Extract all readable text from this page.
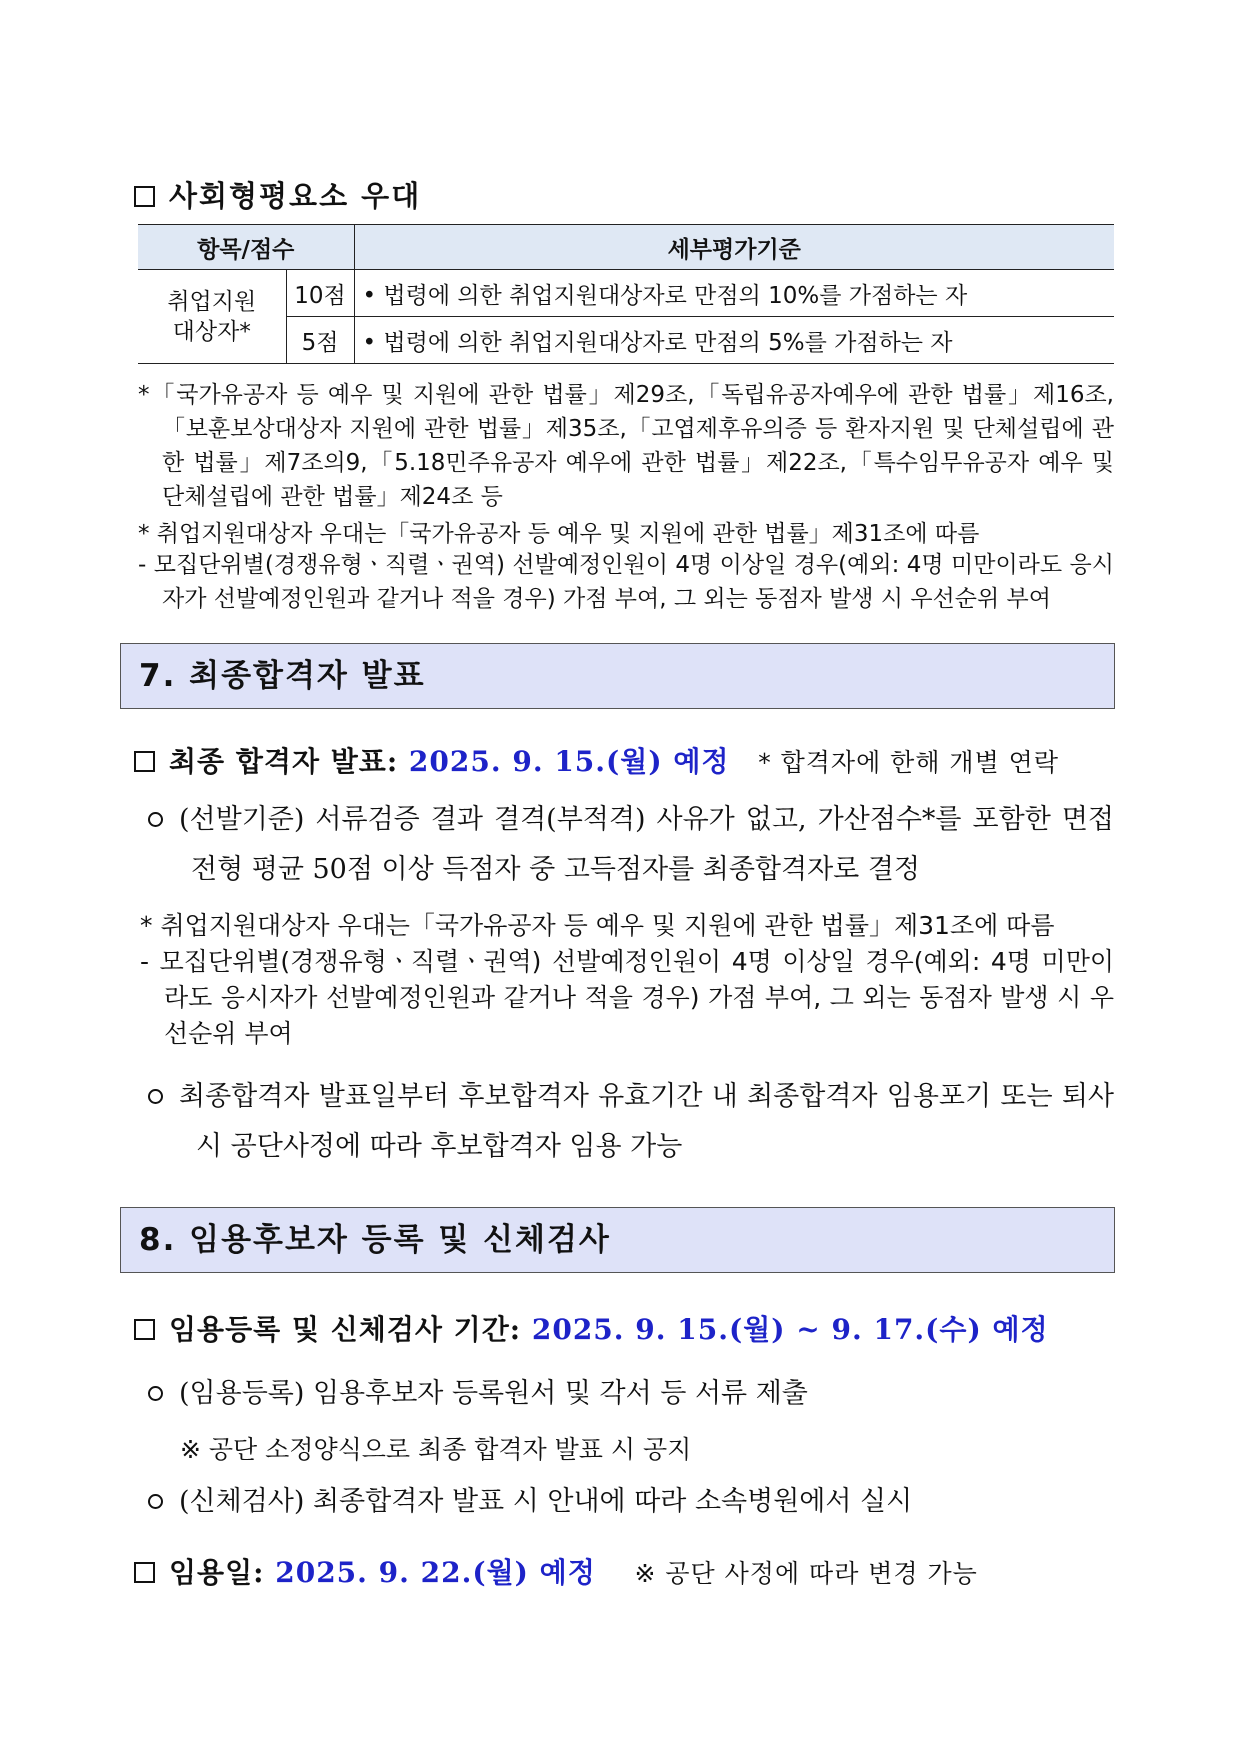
사회형평요소 우대
항목/점수		세부평가기준

취업지원
대상자*	10점	• 법령에 의한 취업지원대상자로 만점의 10%를 가점하는 자
	5점	• 법령에 의한 취업지원대상자로 만점의 5%를 가점하는 자
*「국가유공자 등 예우 및 지원에 관한 법률」제29조,「독립유공자예우에 관한 법률」제16조, 「보훈보상대상자 지원에 관한 법률」제35조,「고엽제후유의증 등 환자지원 및 단체설립에 관한 법률」제7조의9,「5.18민주유공자 예우에 관한 법률」제22조,「특수임무유공자 예우 및 단체설립에 관한 법률」제24조 등
* 취업지원대상자 우대는「국가유공자 등 예우 및 지원에 관한 법률」제31조에 따름
- 모집단위별(경쟁유형ㆍ직렬ㆍ권역) 선발예정인원이 4명 이상일 경우(예외: 4명 미만이라도 응시자가 선발예정인원과 같거나 적을 경우) 가점 부여, 그 외는 동점자 발생 시 우선순위 부여
7. 최종합격자 발표
최종 합격자 발표: 2025. 9. 15.(월) 예정 * 합격자에 한해 개별 연락
(선발기준) 서류검증 결과 결격(부적격) 사유가 없고, 가산점수*를 포함한 면접전형 평균 50점 이상 득점자 중 고득점자를 최종합격자로 결정
* 취업지원대상자 우대는「국가유공자 등 예우 및 지원에 관한 법률」제31조에 따름
- 모집단위별(경쟁유형ㆍ직렬ㆍ권역) 선발예정인원이 4명 이상일 경우(예외: 4명 미만이라도 응시자가 선발예정인원과 같거나 적을 경우) 가점 부여, 그 외는 동점자 발생 시 우선순위 부여
최종합격자 발표일부터 후보합격자 유효기간 내 최종합격자 임용포기 또는 퇴사 시 공단사정에 따라 후보합격자 임용 가능
8. 임용후보자 등록 및 신체검사
임용등록 및 신체검사 기간: 2025. 9. 15.(월) ~ 9. 17.(수) 예정
(임용등록) 임용후보자 등록원서 및 각서 등 서류 제출
※ 공단 소정양식으로 최종 합격자 발표 시 공지
(신체검사) 최종합격자 발표 시 안내에 따라 소속병원에서 실시
임용일: 2025. 9. 22.(월) 예정 ※ 공단 사정에 따라 변경 가능
